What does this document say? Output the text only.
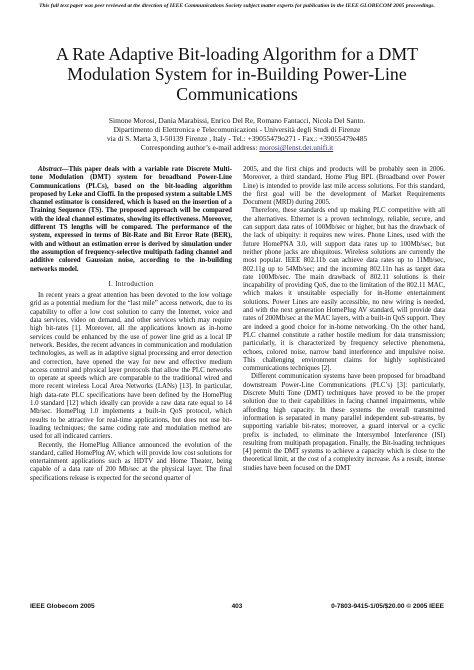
This full text paper was peer reviewed at the direction of IEEE Communications Society subject matter experts for publication in the IEEE GLOBECOM 2005 proceedings.
A Rate Adaptive Bit-loading Algorithm for a DMT
Modulation System for in-Building Power-Line
Communications
Simone Morosi, Dania Marabissi, Enrico Del Re, Romano Fantacci, Nicola Del Santo.
Dipartimento di Elettronica e Telecomunicazioni - Università degli Studi di Firenze
via di S. Marta 3, I-50139 Firenze , Italy - Tel.: +39055479o271 - Fax.: +39055479e485
Corresponding author’s e-mail address: morosi@lenst.det.unifi.it

Abstract—This paper deals with a variable rate Discrete Multi-tone Modulation (DMT) system for broadband Power-Line Communications (PLCs), based on the bit-loading algorithm proposed by Leke and Cioffi. In the proposed system a suitable LMS channel estimator is considered, which is based on the insertion of a Training Sequence (TS). The proposed approach will be compared with the ideal channel estimates, showing its effectiveness. Moreover, different TS lengths will be compared. The performance of the system, expressed in terms of Bit-Rate and Bit Error Rate (BER), with and without an estimation error is derived by simulation under the assumption of frequency-selective multipath fading channel and additive colored Gaussian noise, according to the in-building networks model.

I. Introduction

In recent years a great attention has been devoted to the low voltage grid as a potential medium for the “last mile” access network, due to its capability to offer a low cost solution to carry the Internet, voice and data services, video on demand, and other services which may require high bit-rates [1]. Moreover, all the applications known as in-home services could be enhanced by the use of power line grid as a local IP network. Besides, the recent advances in communication and modulation technologies, as well as in adaptive signal processing and error detection and correction, have opened the way for new and effective medium access control and physical layer protocols that allow the PLC networks to operate at speeds which are comparable to the traditional wired and more recent wireless Local Area Networks (LANs) [13]. In particular, high data-rate PLC specifications have been defined by the HomePlug 1.0 standard [12] which ideally can provide a raw data rate equal to 14 Mb/sec. HomePlug 1.0 implements a built-in QoS protocol, which results to be attractive for real-time applications, but does not use bit-loading techniques; the same coding rate and modulation method are used for all indicated carriers.

Recently, the HomePlug Alliance announced the evolution of the standard, called HomePlug AV, which will provide low cost solutions for entertainment applications such as HDTV and Home Theater, being capable of a data rate of 200 Mb/sec at the physical layer. The final specifications release is expected for the second quarter of

2005, and the first chips and products will be probably seen in 2006. Moreover, a third standard, Home Plug BPL (Broadband over Power Line) is intended to provide last mile access solutions. For this standard, the first goal will be the development of Market Requirements Document (MRD) during 2005.

Therefore, these standards end up making PLC competitive with all the alternatives. Ethernet is a proven technology, reliable, secure, and can support data rates of 100Mb/sec or higher, but has the drawback of the lack of ubiquity: it requires new wires. Phone Lines, used with the future HomePNA 3.0, will support data rates up to 100Mb/sec, but neither phone jacks are ubiquitous. Wireless solutions are currently the most popular. IEEE 802.11b can achieve data rates up to 11Mb/sec, 802.11g up to 54Mb/sec; and the incoming 802.11n has as target data rate 100Mb/sec. The main drawback of 802.11 solutions is their incapability of providing QoS, due to the limitation of the 802.11 MAC, which makes it unsuitable especially for in-Home entertainment solutions. Power Lines are easily accessible, no new wiring is needed, and with the next generation HomePlug AV standard, will provide data rates of 200Mb/sec at the MAC layers, with a built-in QoS support. They are indeed a good choice for in-home networking. On the other hand, PLC channel constitute a rather hostile medium for data transmission; particularly, it is characterized by frequency selective phenomena, echoes, colored noise, narrow band interference and impulsive noise. This challenging environment claims for highly sophisticated communications techniques [2].

Different communication systems have been proposed for broadband downstream Power-Line Communications (PLC’s) [3]: particularly, Discrete Multi Tone (DMT) techniques have proved to be the proper solution due to their capabilities in facing channel impairments, while affording high capacity. In these systems the overall transmitted information is separated in many parallel independent sub-streams, by supporting variable bit-rates; moreover, a guard interval or a cyclic prefix is included, to eliminate the Intersymbol Interference (ISI) resulting from multipath propagation. Finally, the Bit-loading techniques [4] permit the DMT systems to achieve a capacity which is close to the theoretical limit, at the cost of a complexity increase. As a result, intense studies have been focused on the DMT

IEEE Globecom 2005	403	0-7803-9415-1/05/$20.00 © 2005 IEEE
